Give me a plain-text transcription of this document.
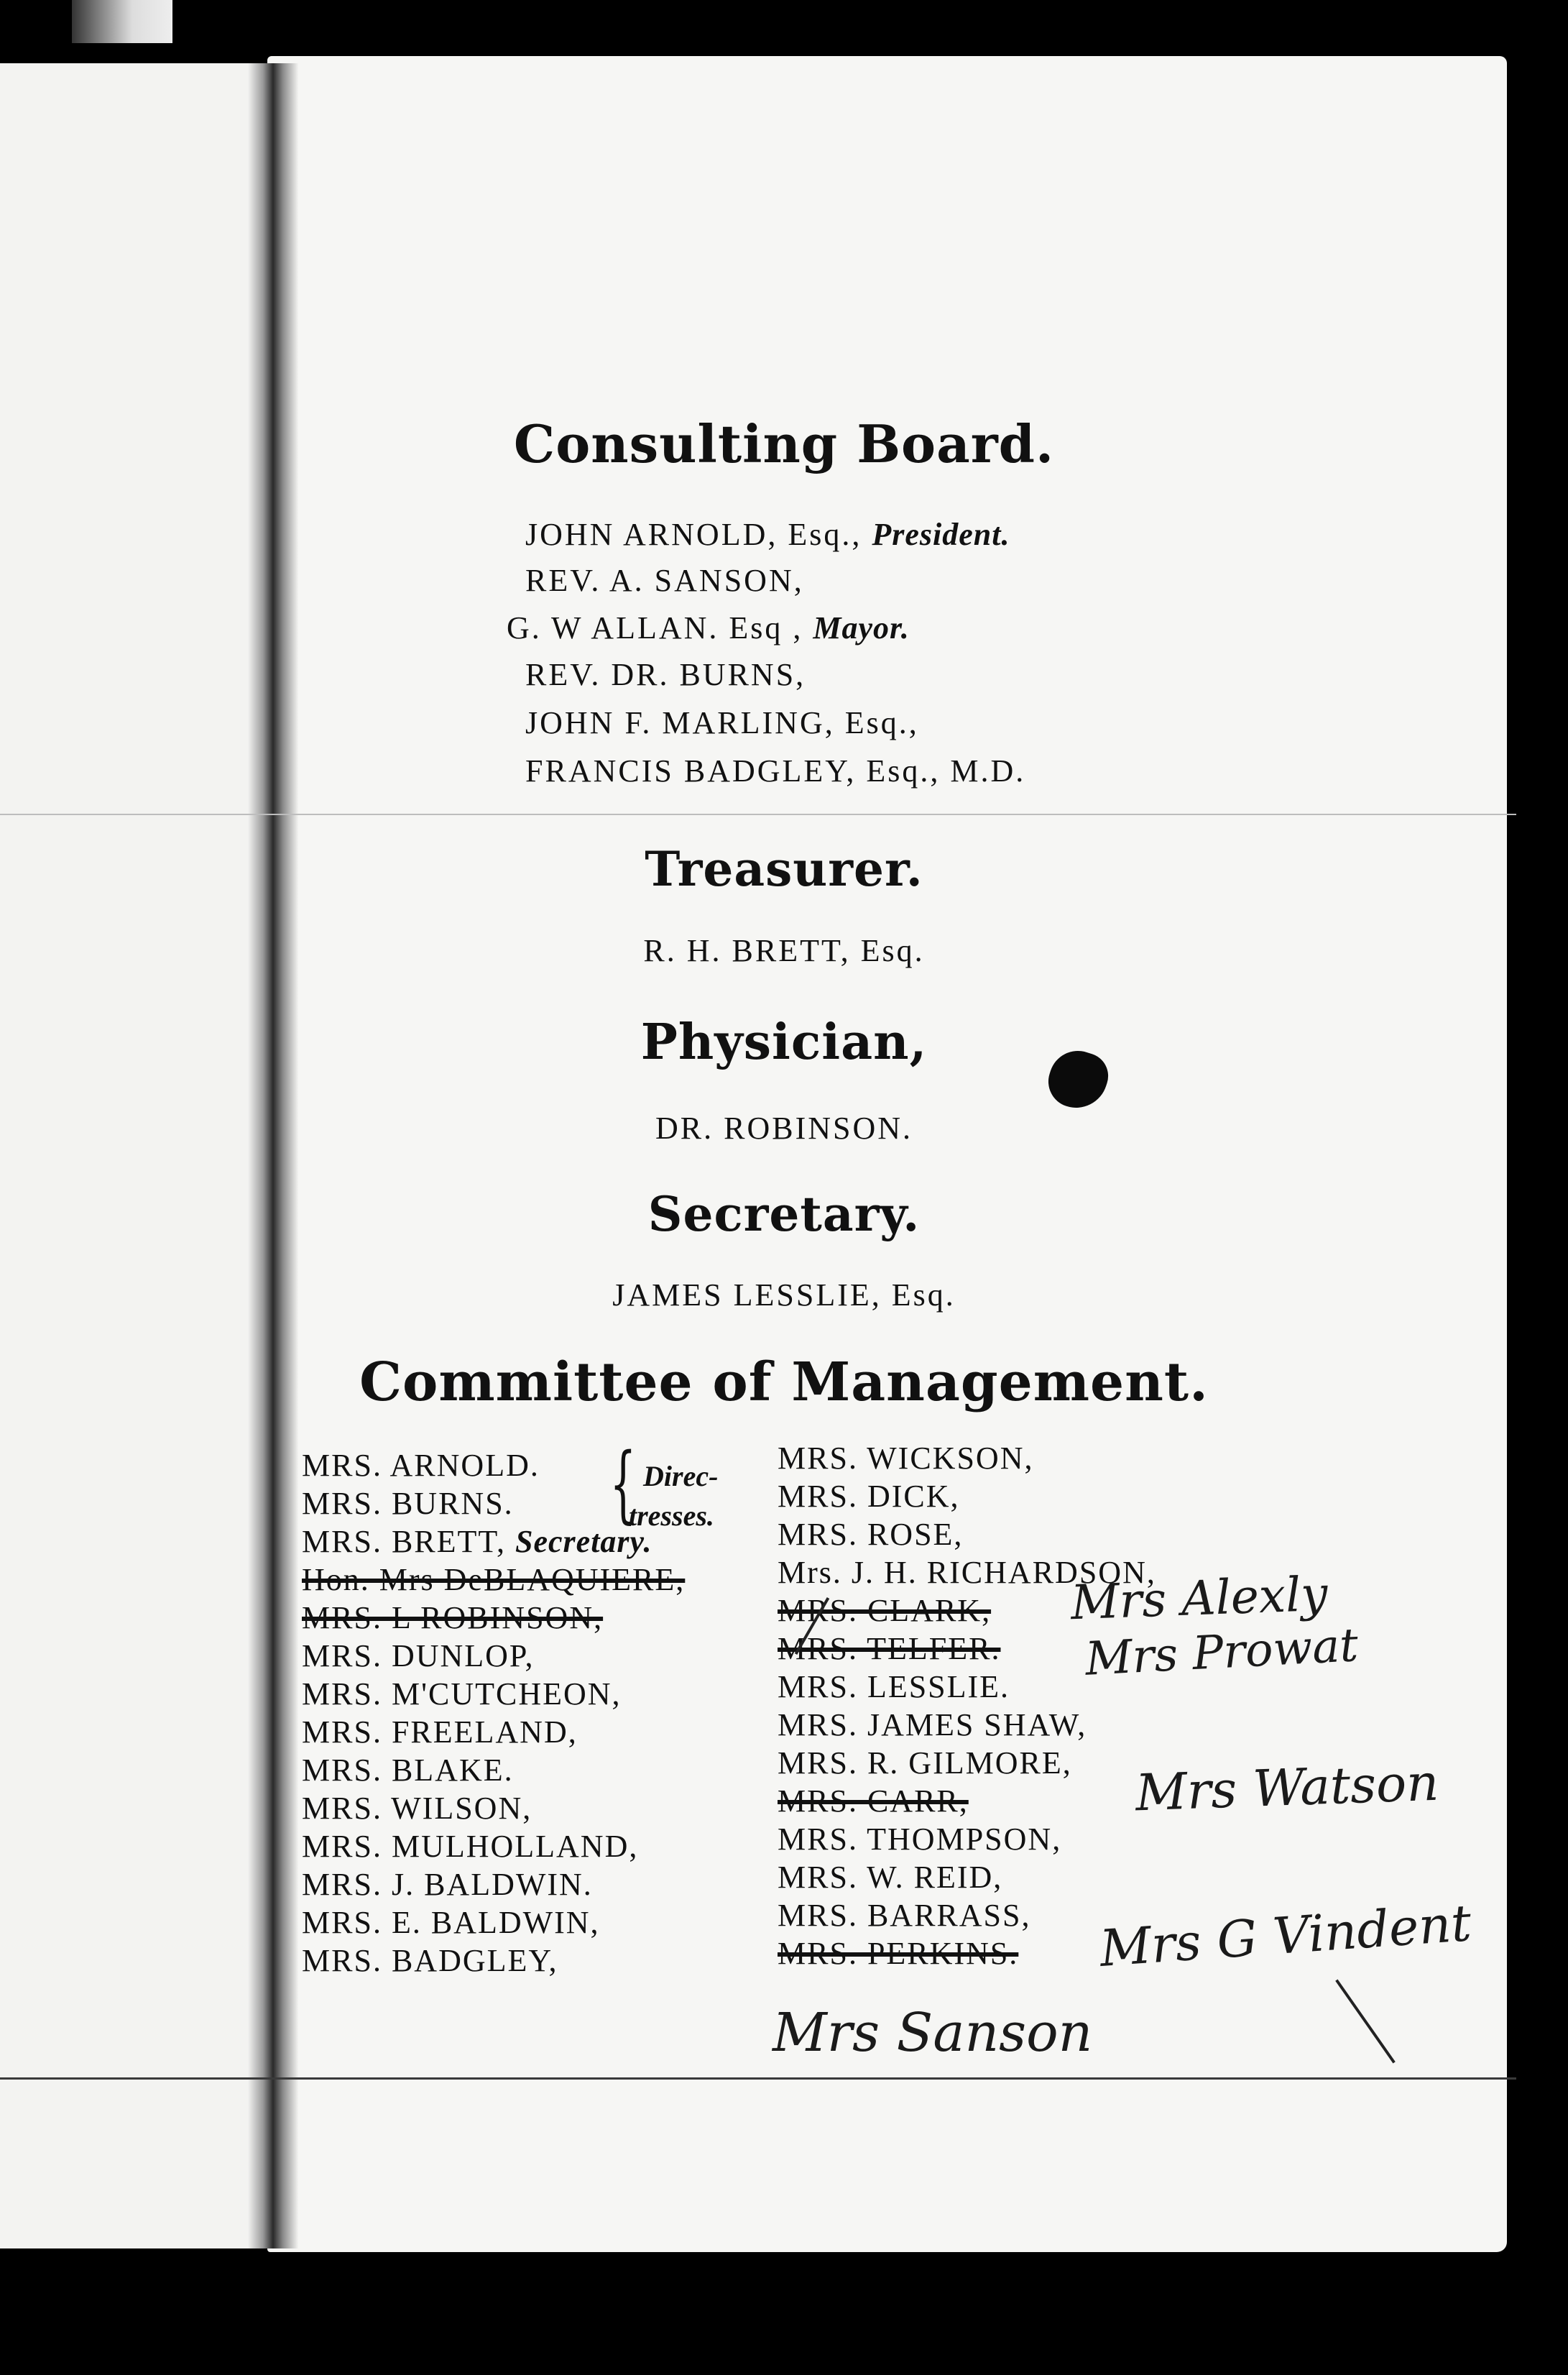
Consulting Board.
JOHN ARNOLD, Esq., President.
REV. A. SANSON,
G. W ALLAN. Esq , Mayor.
REV. DR. BURNS,
JOHN F. MARLING, Esq.,
FRANCIS BADGLEY, Esq., M.D.
Treasurer.
R. H. BRETT, Esq.
Physician,
DR. ROBINSON.
Secretary.
JAMES LESSLIE, Esq.
Committee of Management.
MRS. ARNOLD.
MRS. BURNS.
MRS. BRETT, Secretary.
Hon. Mrs DeBLAQUIERE,
MRS. L ROBINSON,
MRS. DUNLOP,
MRS. M'CUTCHEON,
MRS. FREELAND,
MRS. BLAKE.
MRS. WILSON,
MRS. MULHOLLAND,
MRS. J. BALDWIN.
MRS. E. BALDWIN,
MRS. BADGLEY,
{ Direc-
tresses.
MRS. WICKSON,
MRS. DICK,
MRS. ROSE,
Mrs. J. H. RICHARDSON,
MRS. CLARK,
MRS. TELFER.
MRS. LESSLIE.
MRS. JAMES SHAW,
MRS. R. GILMORE,
MRS. CARR,
MRS. THOMPSON,
MRS. W. REID,
MRS. BARRASS,
MRS. PERKINS.
Mrs Alexly
Mrs Prowat
Mrs Watson
Mrs G Vindent
Mrs Sanson
